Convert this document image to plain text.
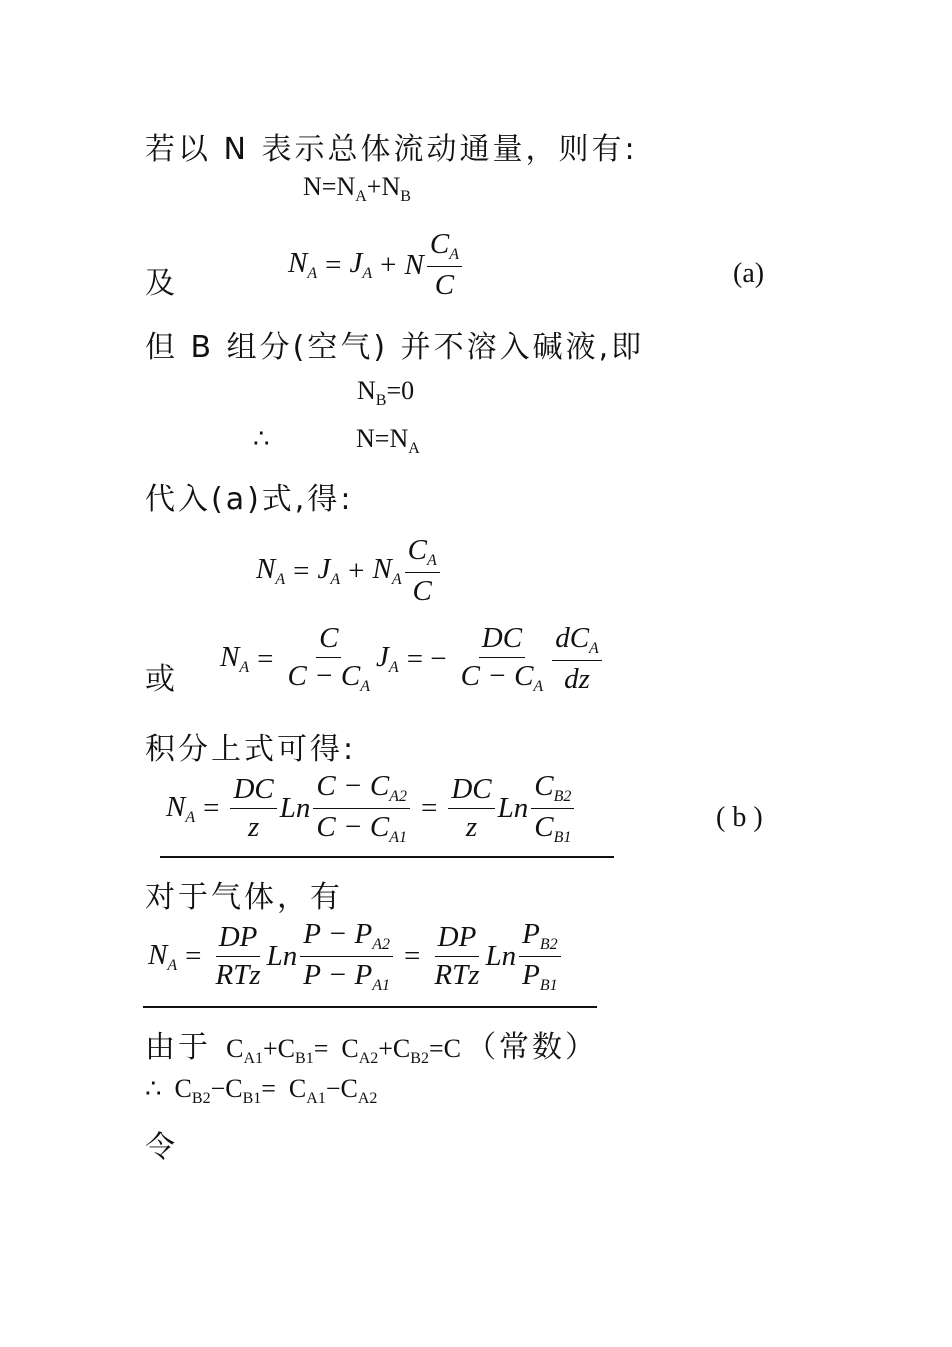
若以 N 表示总体流动通量，则有:
$N=N_A+N_B$
及
$N_A = J_A + N \frac{C_A}{C}$	(a)
但 B 组分(空气) 并不溶入碱液,即
$N_B=0$
∴	$N=N_A$
代入(a)式,得:
$N_A = J_A + N_A \frac{C_A}{C}$
或
$N_A = \frac{C}{C - C_A} J_A$ = − $\frac{DC}{C - C_A} \frac{dC_A}{dz}$
积分上式可得:
$N_A = \frac{DC}{z}$ Ln $\frac{C - C_{A2}}{C - C_{A1}} = \frac{DC}{z}$ Ln $\frac{C_{B2}}{C_{B1}}$	( b )
对于气体，有
$N_A = \frac{DP}{\text{RTz}}$ Ln $\frac{P - P_{A2}}{P - P_{A1}} = \frac{DP}{\text{RTz}}$ Ln $\frac{P_{B2}}{P_{B1}}$
由于 $C_{A1}+C_{B1}= C_{A2}+C_{B2}=C$ （常数）
∴  $C_{B2}-C_{B1}= C_{A1}-C_{A2}$
令
